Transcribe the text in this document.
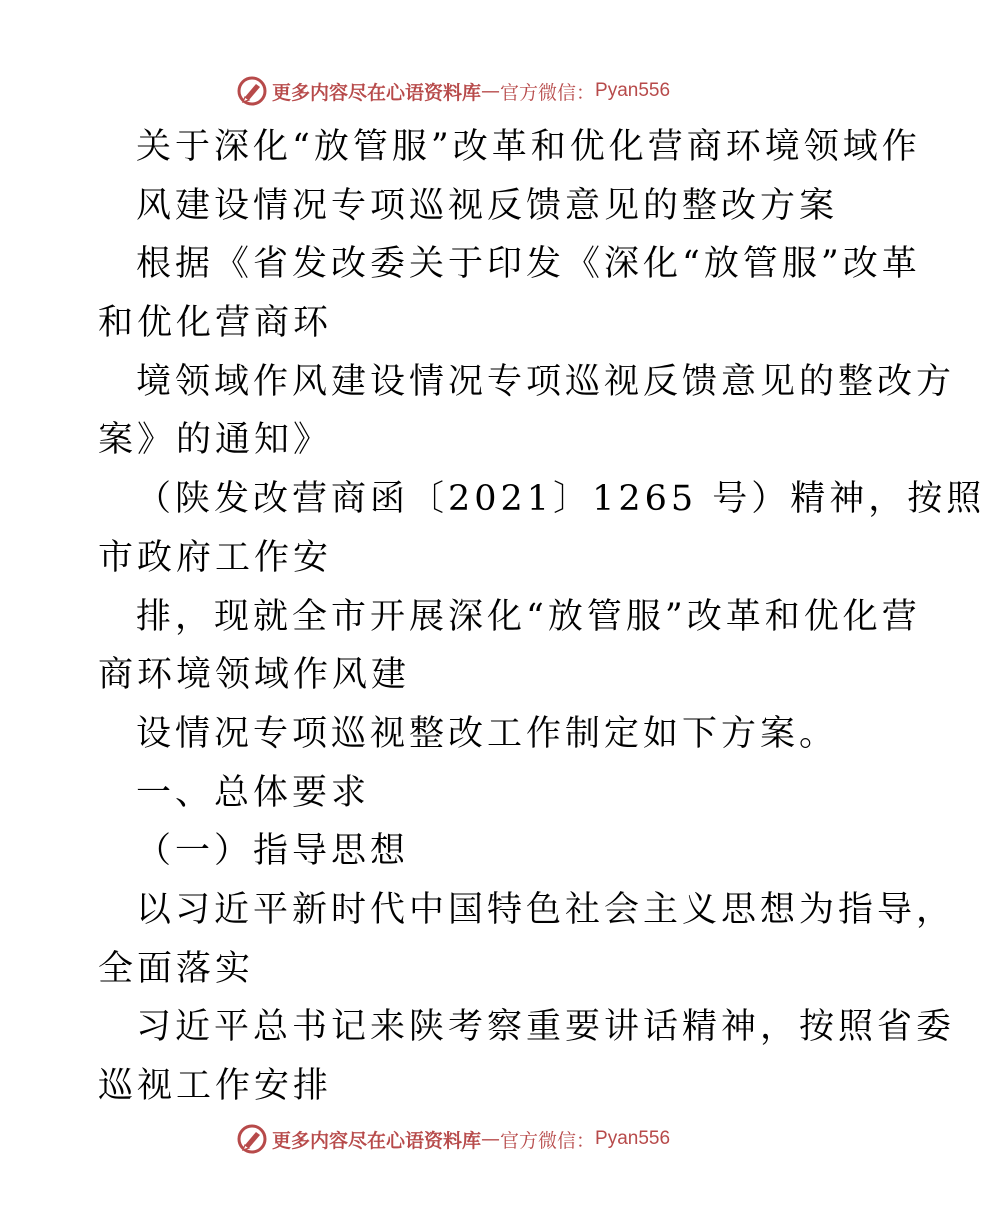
更多内容尽在心语资料库 — 官方微信： Pyan556
关于深化“放管服”改革和优化营商环境领域作
风建设情况专项巡视反馈意见的整改方案
根据《省发改委关于印发《深化“放管服”改革
和优化营商环
境领域作风建设情况专项巡视反馈意见的整改方
案》的通知》
（陕发改营商函〔2021〕1265 号）精神，按照
市政府工作安
排，现就全市开展深化“放管服”改革和优化营
商环境领域作风建
设情况专项巡视整改工作制定如下方案。
一、总体要求
（一）指导思想
以习近平新时代中国特色社会主义思想为指导，
全面落实
习近平总书记来陕考察重要讲话精神，按照省委
巡视工作安排
更多内容尽在心语资料库 — 官方微信： Pyan556
